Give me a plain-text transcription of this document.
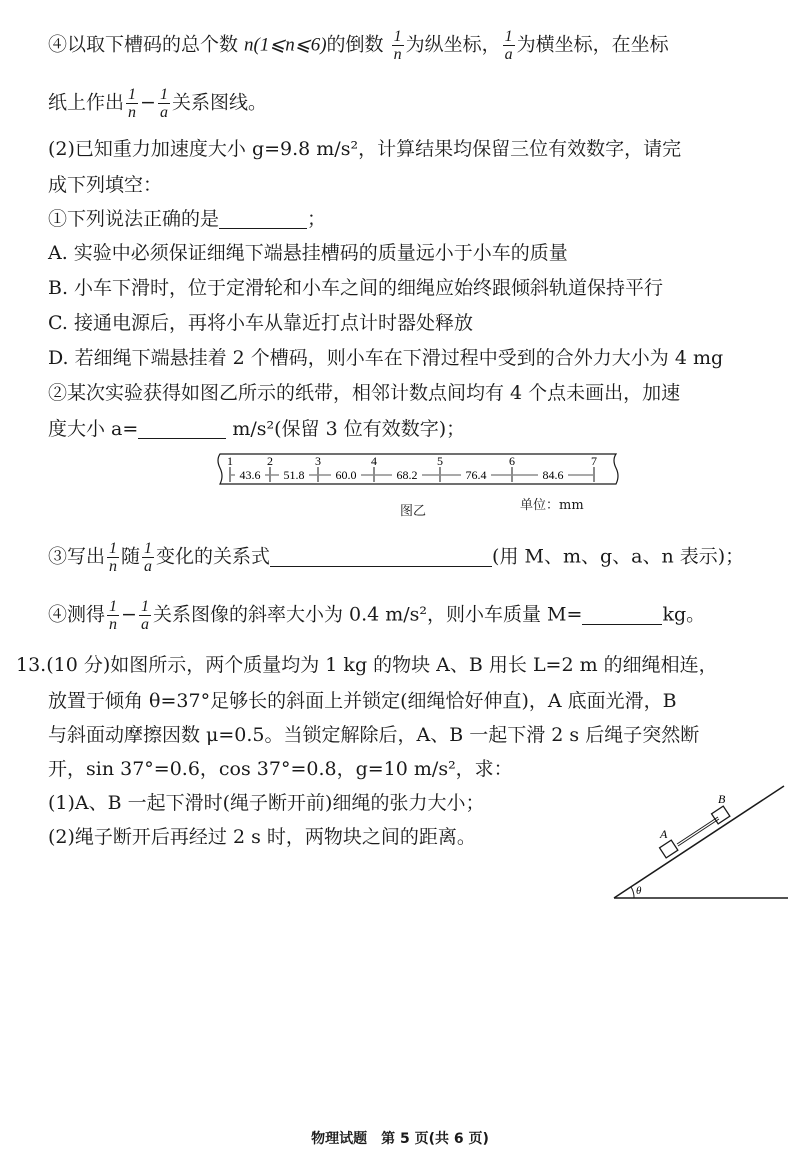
④以取下槽码的总个数 n(1⩽n⩽6)的倒数 $\frac{1}{n}$ 为纵坐标， $\frac{1}{a}$ 为横坐标，在坐标
纸上作出 $\frac{1}{n} - \frac{1}{a}$ 关系图线。
(2)已知重力加速度大小 g=9.8 m/s²，计算结果均保留三位有效数字，请完
成下列填空：
①下列说法正确的是	；
A. 实验中必须保证细绳下端悬挂槽码的质量远小于小车的质量
B. 小车下滑时，位于定滑轮和小车之间的细绳应始终跟倾斜轨道保持平行
C. 接通电源后，再将小车从靠近打点计时器处释放
D. 若细绳下端悬挂着 2 个槽码，则小车在下滑过程中受到的合外力大小为 4 mg
②某次实验获得如图乙所示的纸带，相邻计数点间均有 4 个点未画出，加速
度大小 a=	m/s²(保留 3 位有效数字)；
1	2	3	4	5	6	7
43.6 51.8	60.0	68.2	76.4	84.6
单位：mm
图乙
③写出 $\frac{1}{n}$ 随 $\frac{1}{a}$ 变化的关系式	(用 M、m、g、a、n 表示)；
④测得 $\frac{1}{n} - \frac{1}{a}$ 关系图像的斜率大小为 0.4 m/s²，则小车质量 M=	kg。
13.(10 分)如图所示，两个质量均为 1 kg 的物块 A、B 用长 L=2 m 的细绳相连，
放置于倾角 θ=37°足够长的斜面上并锁定(细绳恰好伸直)，A 底面光滑，B
与斜面动摩擦因数 μ=0.5。当锁定解除后，A、B 一起下滑 2 s 后绳子突然断
开，sin 37°=0.6，cos 37°=0.8，g=10 m/s²，求：
(1)A、B 一起下滑时(绳子断开前)细绳的张力大小；
(2)绳子断开后再经过 2 s 时，两物块之间的距离。
θ
A
B
物理试题　第 5 页(共 6 页)
